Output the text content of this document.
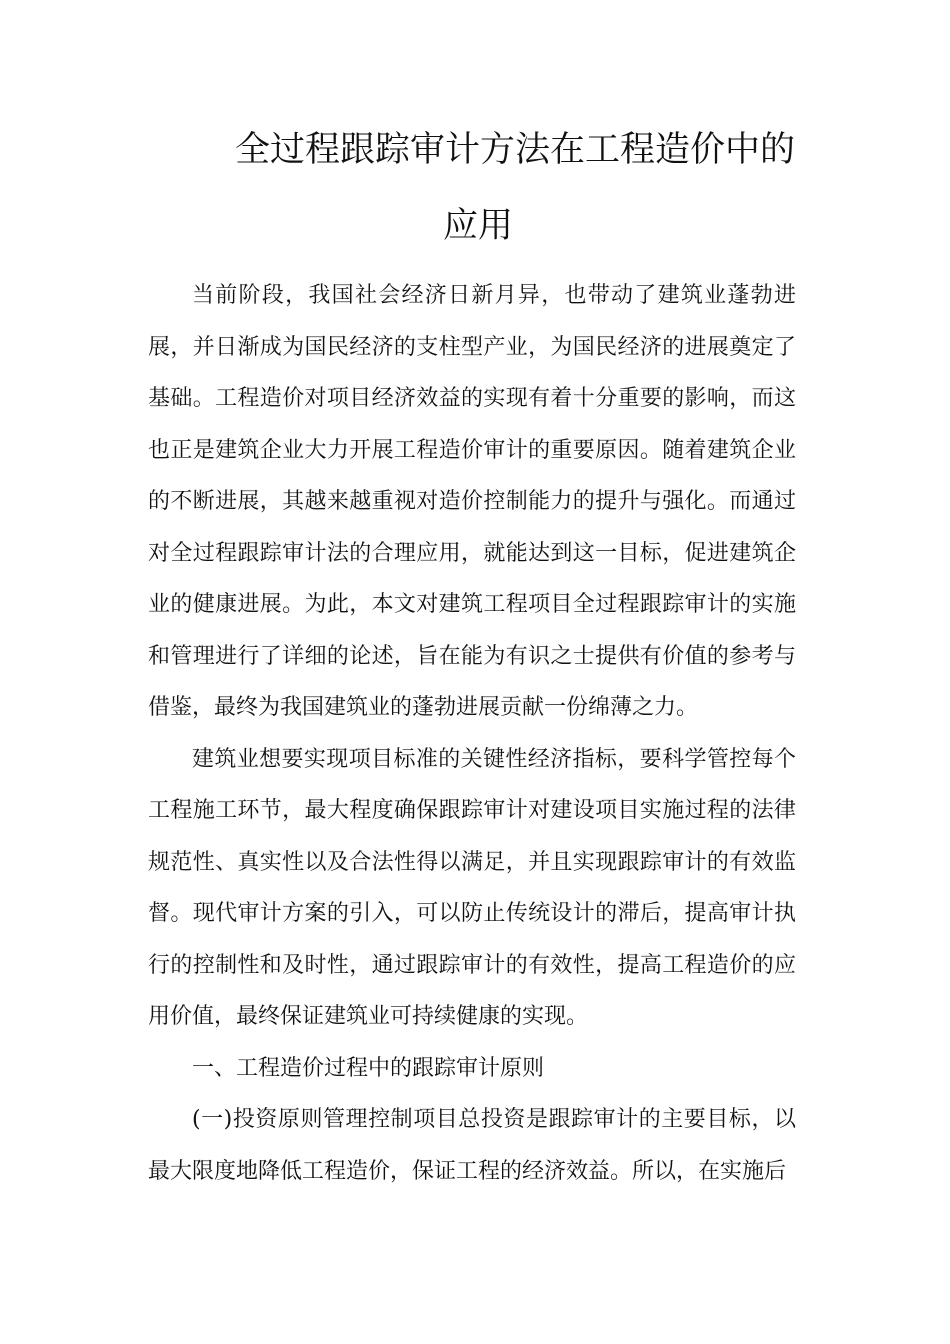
全过程跟踪审计方法在工程造价中的应用

当前阶段，我国社会经济日新月异，也带动了建筑业蓬勃进展，并日渐成为国民经济的支柱型产业，为国民经济的进展奠定了基础。工程造价对项目经济效益的实现有着十分重要的影响，而这也正是建筑企业大力开展工程造价审计的重要原因。随着建筑企业的不断进展，其越来越重视对造价控制能力的提升与强化。而通过对全过程跟踪审计法的合理应用，就能达到这一目标，促进建筑企业的健康进展。为此，本文对建筑工程项目全过程跟踪审计的实施和管理进行了详细的论述，旨在能为有识之士提供有价值的参考与借鉴，最终为我国建筑业的蓬勃进展贡献一份绵薄之力。

建筑业想要实现项目标准的关键性经济指标，要科学管控每个工程施工环节，最大程度确保跟踪审计对建设项目实施过程的法律规范性、真实性以及合法性得以满足，并且实现跟踪审计的有效监督。现代审计方案的引入，可以防止传统设计的滞后，提高审计执行的控制性和及时性，通过跟踪审计的有效性，提高工程造价的应用价值，最终保证建筑业可持续健康的实现。

一、工程造价过程中的跟踪审计原则

(一)投资原则管理控制项目总投资是跟踪审计的主要目标，以最大限度地降低工程造价，保证工程的经济效益。所以，在实施后
